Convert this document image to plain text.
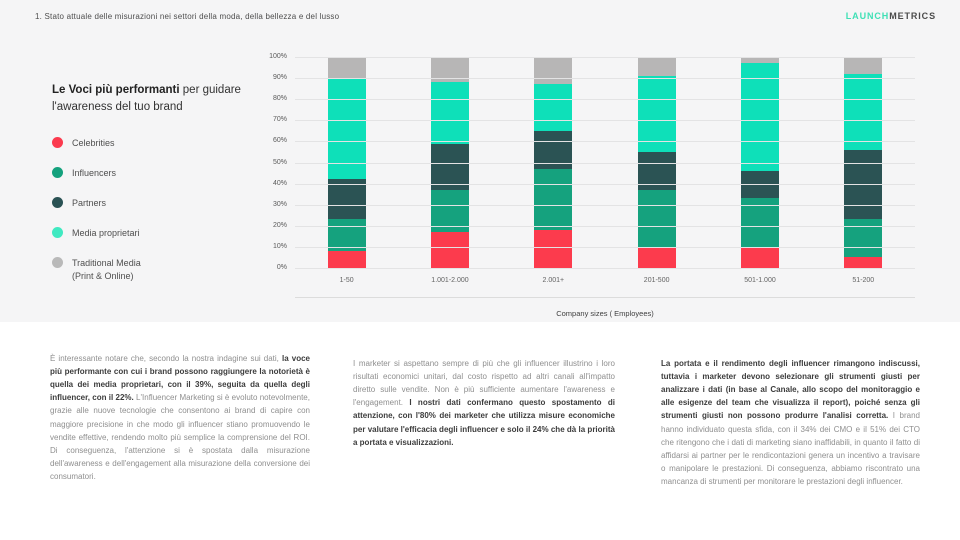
1. Stato attuale delle misurazioni nei settori della moda, della bellezza e del lusso	LAUNCHMETRICS
Le Voci più performanti per guidare l'awareness del tuo brand
Celebrities
Influencers
Partners
Media proprietari
Traditional Media
(Print & Online)
100%
90%
80%
70%
60%
50%
40%
30%
20%
10%
0%
1-50	1.001-2.000	2.001+	201-500	501-1.000	51-200
Company sizes ( Employees)

È interessante notare che, secondo la nostra indagine sui dati, la voce più performante con cui i brand possono raggiungere la notorietà è quella dei media proprietari, con il 39%, seguita da quella degli influencer, con il 22%. L'Influencer Marketing si è evoluto notevolmente, grazie alle nuove tecnologie che consentono ai brand di capire con maggiore precisione in che modo gli influencer stiano promuovendo le vendite effettive, rendendo molto più semplice la comprensione del ROI. Di conseguenza, l'attenzione si è spostata dalla misurazione dell'awareness e dell'engagement alla misurazione della conversione dei consumatori.

I marketer si aspettano sempre di più che gli influencer illustrino i loro risultati economici unitari, dal costo rispetto ad altri canali all'impatto diretto sulle vendite. Non è più sufficiente aumentare l'awareness e l'engagement. I nostri dati confermano questo spostamento di attenzione, con l'80% dei marketer che utilizza misure economiche per valutare l'efficacia degli influencer e solo il 24% che dà la priorità a portata e visualizzazioni.

La portata e il rendimento degli influencer rimangono indiscussi, tuttavia i marketer devono selezionare gli strumenti giusti per analizzare i dati (in base al Canale, allo scopo del monitoraggio e alle esigenze del team che visualizza il report), poiché senza gli strumenti giusti non possono produrre l'analisi corretta. I brand hanno individuato questa sfida, con il 34% dei CMO e il 51% dei CTO che ritengono che i dati di marketing siano inaffidabili, in quanto il fatto di affidarsi ai partner per le rendicontazioni genera un incentivo a travisare o manipolare le prestazioni. Di conseguenza, abbiamo riscontrato una mancanza di strumenti per monitorare le prestazioni degli influencer.
